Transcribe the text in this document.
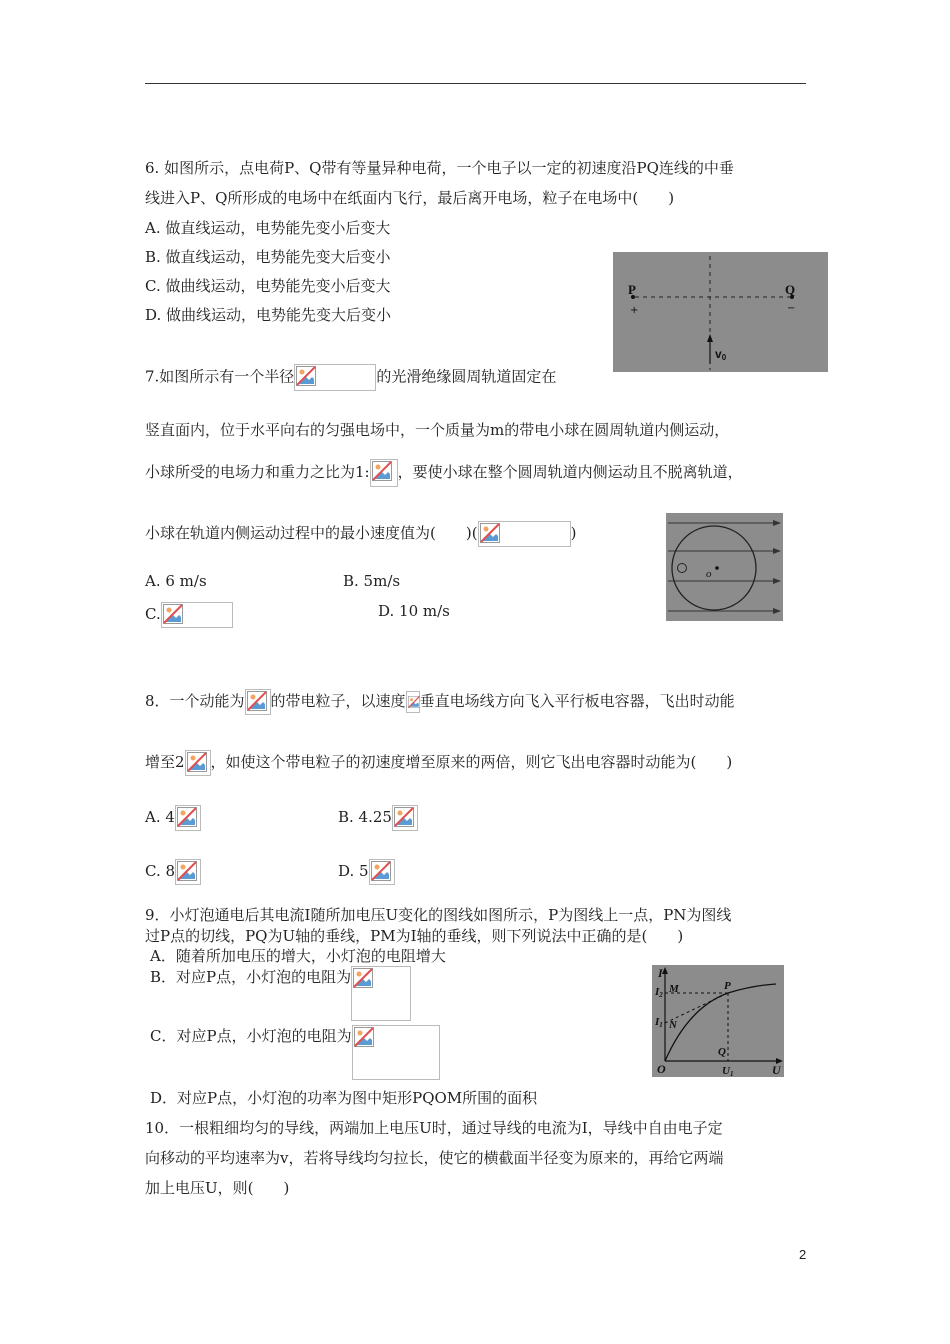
6. 如图所示，点电荷P、Q带有等量异种电荷，一个电子以一定的初速度沿PQ连线的中垂
线进入P、Q所形成的电场中在纸面内飞行，最后离开电场，粒子在电场中(　　)
A. 做直线运动，电势能先变小后变大
B. 做直线运动，电势能先变大后变小
C. 做曲线运动，电势能先变小后变大
D. 做曲线运动，电势能先变大后变小
P	Q
+	−
v0
7.如图所示有一个半径	的光滑绝缘圆周轨道固定在
竖直面内，位于水平向右的匀强电场中，一个质量为m的带电小球在圆周轨道内侧运动，
小球所受的电场力和重力之比为1: ，要使小球在整个圆周轨道内侧运动且不脱离轨道，
小球在轨道内侧运动过程中的最小速度值为(　　)(	)
A. 6 m/s	B. 5m/s
C.	D. 10 m/s
o
8．一个动能为 的带电粒子，以速度 垂直电场线方向飞入平行板电容器，飞出时动能
增至2 ，如使这个带电粒子的初速度增至原来的两倍，则它飞出电容器时动能为(　　)
A. 4	B. 4.25
C. 8	D. 5
9．小灯泡通电后其电流I随所加电压U变化的图线如图所示，P为图线上一点，PN为图线
过P点的切线，PQ为U轴的垂线，PM为I轴的垂线，则下列说法中正确的是(　　)
A．随着所加电压的增大，小灯泡的电阻增大
B．对应P点，小灯泡的电阻为
C．对应P点，小灯泡的电阻为
D．对应P点，小灯泡的功率为图中矩形PQOM所围的面积
I
U
O
I2 M	P
I1 N
Q
U1
10．一根粗细均匀的导线，两端加上电压U时，通过导线的电流为I，导线中自由电子定
向移动的平均速率为v，若将导线均匀拉长，使它的横截面半径变为原来的，再给它两端
加上电压U，则(　　)
2
